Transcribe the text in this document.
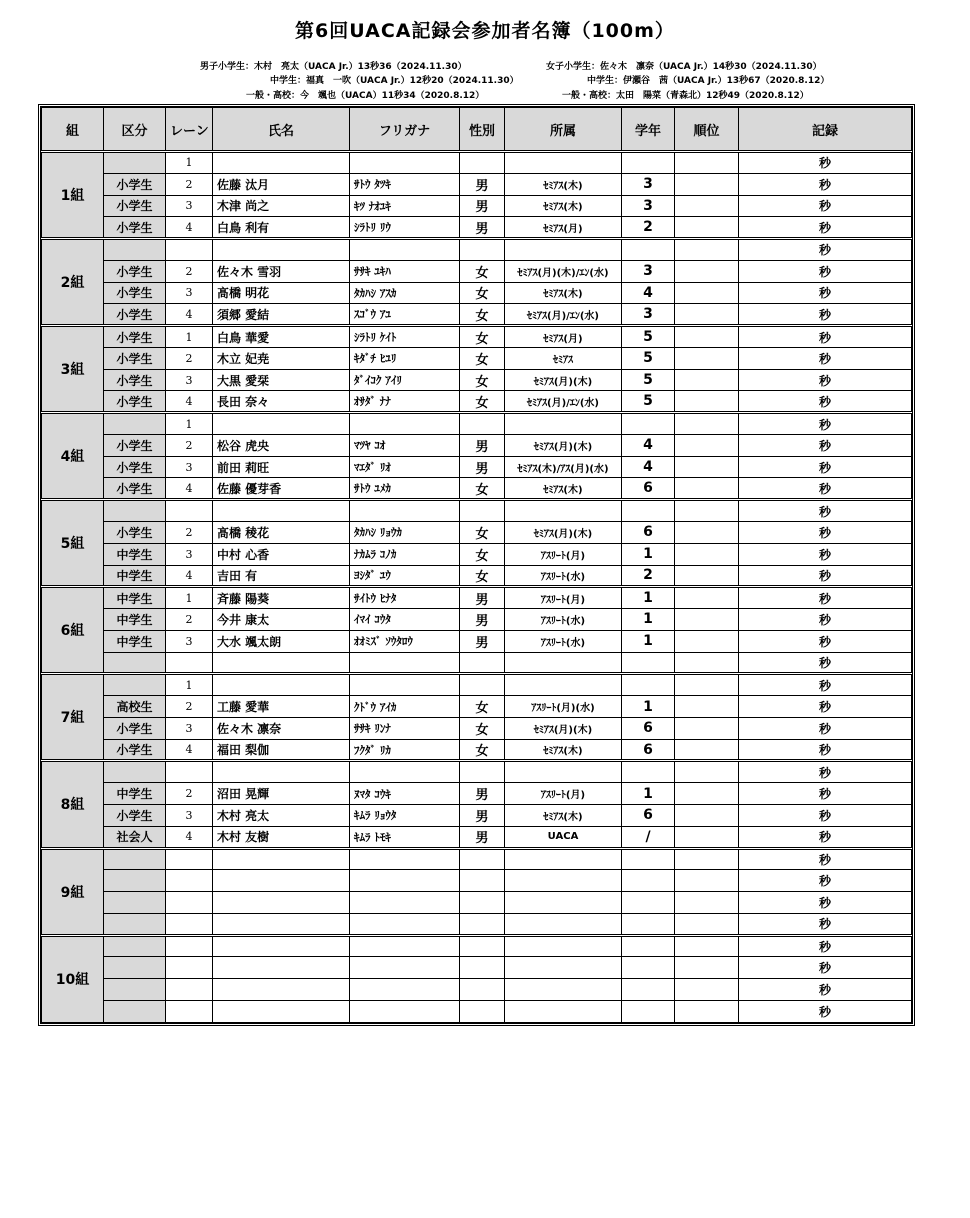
第6回UACA記録会参加者名簿（100m）
男子小学生：木村　亮太（UACA Jr.）13秒36（2024.11.30）	女子小学生：佐々木　凛奈（UACA Jr.）14秒30（2024.11.30）
中学生：福真　一吹（UACA Jr.）12秒20（2024.11.30）	中学生：伊瀬谷　茜（UACA Jr.）13秒67（2020.8.12）
一般・高校：今　颯也（UACA）11秒34（2020.8.12）	一般・高校：太田　陽菜（青森北）12秒49（2020.8.12）
組	区分	レーン	氏名	フリガナ	性別	所属	学年	順位	記録
1組		1							秒
	小学生	2	佐藤 汰月	ｻﾄｳ ﾀﾂｷ	男	ｾﾐｱｽ(木)	3		秒
	小学生	3	木津 尚之	ｷﾂ ﾅｵﾕｷ	男	ｾﾐｱｽ(木)	3		秒
	小学生	4	白鳥 利有	ｼﾗﾄﾘ ﾘｳ	男	ｾﾐｱｽ(月)	2		秒
2組									秒
	小学生	2	佐々木 雪羽	ｻｻｷ ﾕｷﾊ	女	ｾﾐｱｽ(月)(木)/ｴﾝ(水)	3		秒
	小学生	3	髙橋 明花	ﾀｶﾊｼ ｱｽｶ	女	ｾﾐｱｽ(木)	4		秒
	小学生	4	須郷 愛結	ｽｺﾞｳ ｱﾕ	女	ｾﾐｱｽ(月)/ｴﾝ(水)	3		秒
3組	小学生	1	白鳥 華愛	ｼﾗﾄﾘ ｹｲﾄ	女	ｾﾐｱｽ(月)	5		秒
	小学生	2	木立 妃尭	ｷﾀﾞﾁ ﾋﾕﾘ	女	ｾﾐｱｽ	5		秒
	小学生	3	大黒 愛栞	ﾀﾞｲｺｸ ｱｲﾘ	女	ｾﾐｱｽ(月)(木)	5		秒
	小学生	4	長田 奈々	ｵｻﾀﾞ ﾅﾅ	女	ｾﾐｱｽ(月)/ｴﾝ(水)	5		秒
4組		1							秒
	小学生	2	松谷 虎央	ﾏﾂﾔ ｺｵ	男	ｾﾐｱｽ(月)(木)	4		秒
	小学生	3	前田 莉旺	ﾏｴﾀﾞ ﾘｵ	男	ｾﾐｱｽ(木)/ｱｽ(月)(水)	4		秒
	小学生	4	佐藤 優芽香	ｻﾄｳ ﾕﾒｶ	女	ｾﾐｱｽ(木)	6		秒
5組									秒
	小学生	2	髙橋 稜花	ﾀｶﾊｼ ﾘｮｳｶ	女	ｾﾐｱｽ(月)(木)	6		秒
	中学生	3	中村 心香	ﾅｶﾑﾗ ｺﾉｶ	女	ｱｽﾘｰﾄ(月)	1		秒
	中学生	4	吉田 有	ﾖｼﾀﾞ ﾕｳ	女	ｱｽﾘｰﾄ(水)	2		秒
6組	中学生	1	斉藤 陽葵	ｻｲﾄｳ ﾋﾅﾀ	男	ｱｽﾘｰﾄ(月)	1		秒
	中学生	2	今井 康太	ｲﾏｲ ｺｳﾀ	男	ｱｽﾘｰﾄ(水)	1		秒
	中学生	3	大水 颯太朗	ｵｵﾐｽﾞ ｿｳﾀﾛｳ	男	ｱｽﾘｰﾄ(水)	1		秒
									秒
7組		1							秒
	高校生	2	工藤 愛華	ｸﾄﾞｳ ｱｲｶ	女	ｱｽﾘｰﾄ(月)(水)	1		秒
	小学生	3	佐々木 凛奈	ｻｻｷ ﾘﾝﾅ	女	ｾﾐｱｽ(月)(木)	6		秒
	小学生	4	福田 梨伽	ﾌｸﾀﾞ ﾘｶ	女	ｾﾐｱｽ(木)	6		秒
8組									秒
	中学生	2	沼田 晃輝	ﾇﾏﾀ ｺｳｷ	男	ｱｽﾘｰﾄ(月)	1		秒
	小学生	3	木村 亮太	ｷﾑﾗ ﾘｮｳﾀ	男	ｾﾐｱｽ(木)	6		秒
	社会人	4	木村 友樹	ｷﾑﾗ ﾄﾓｷ	男	UACA	/		秒
9組									秒
									秒
									秒
									秒
10組									秒
									秒
									秒
									秒
